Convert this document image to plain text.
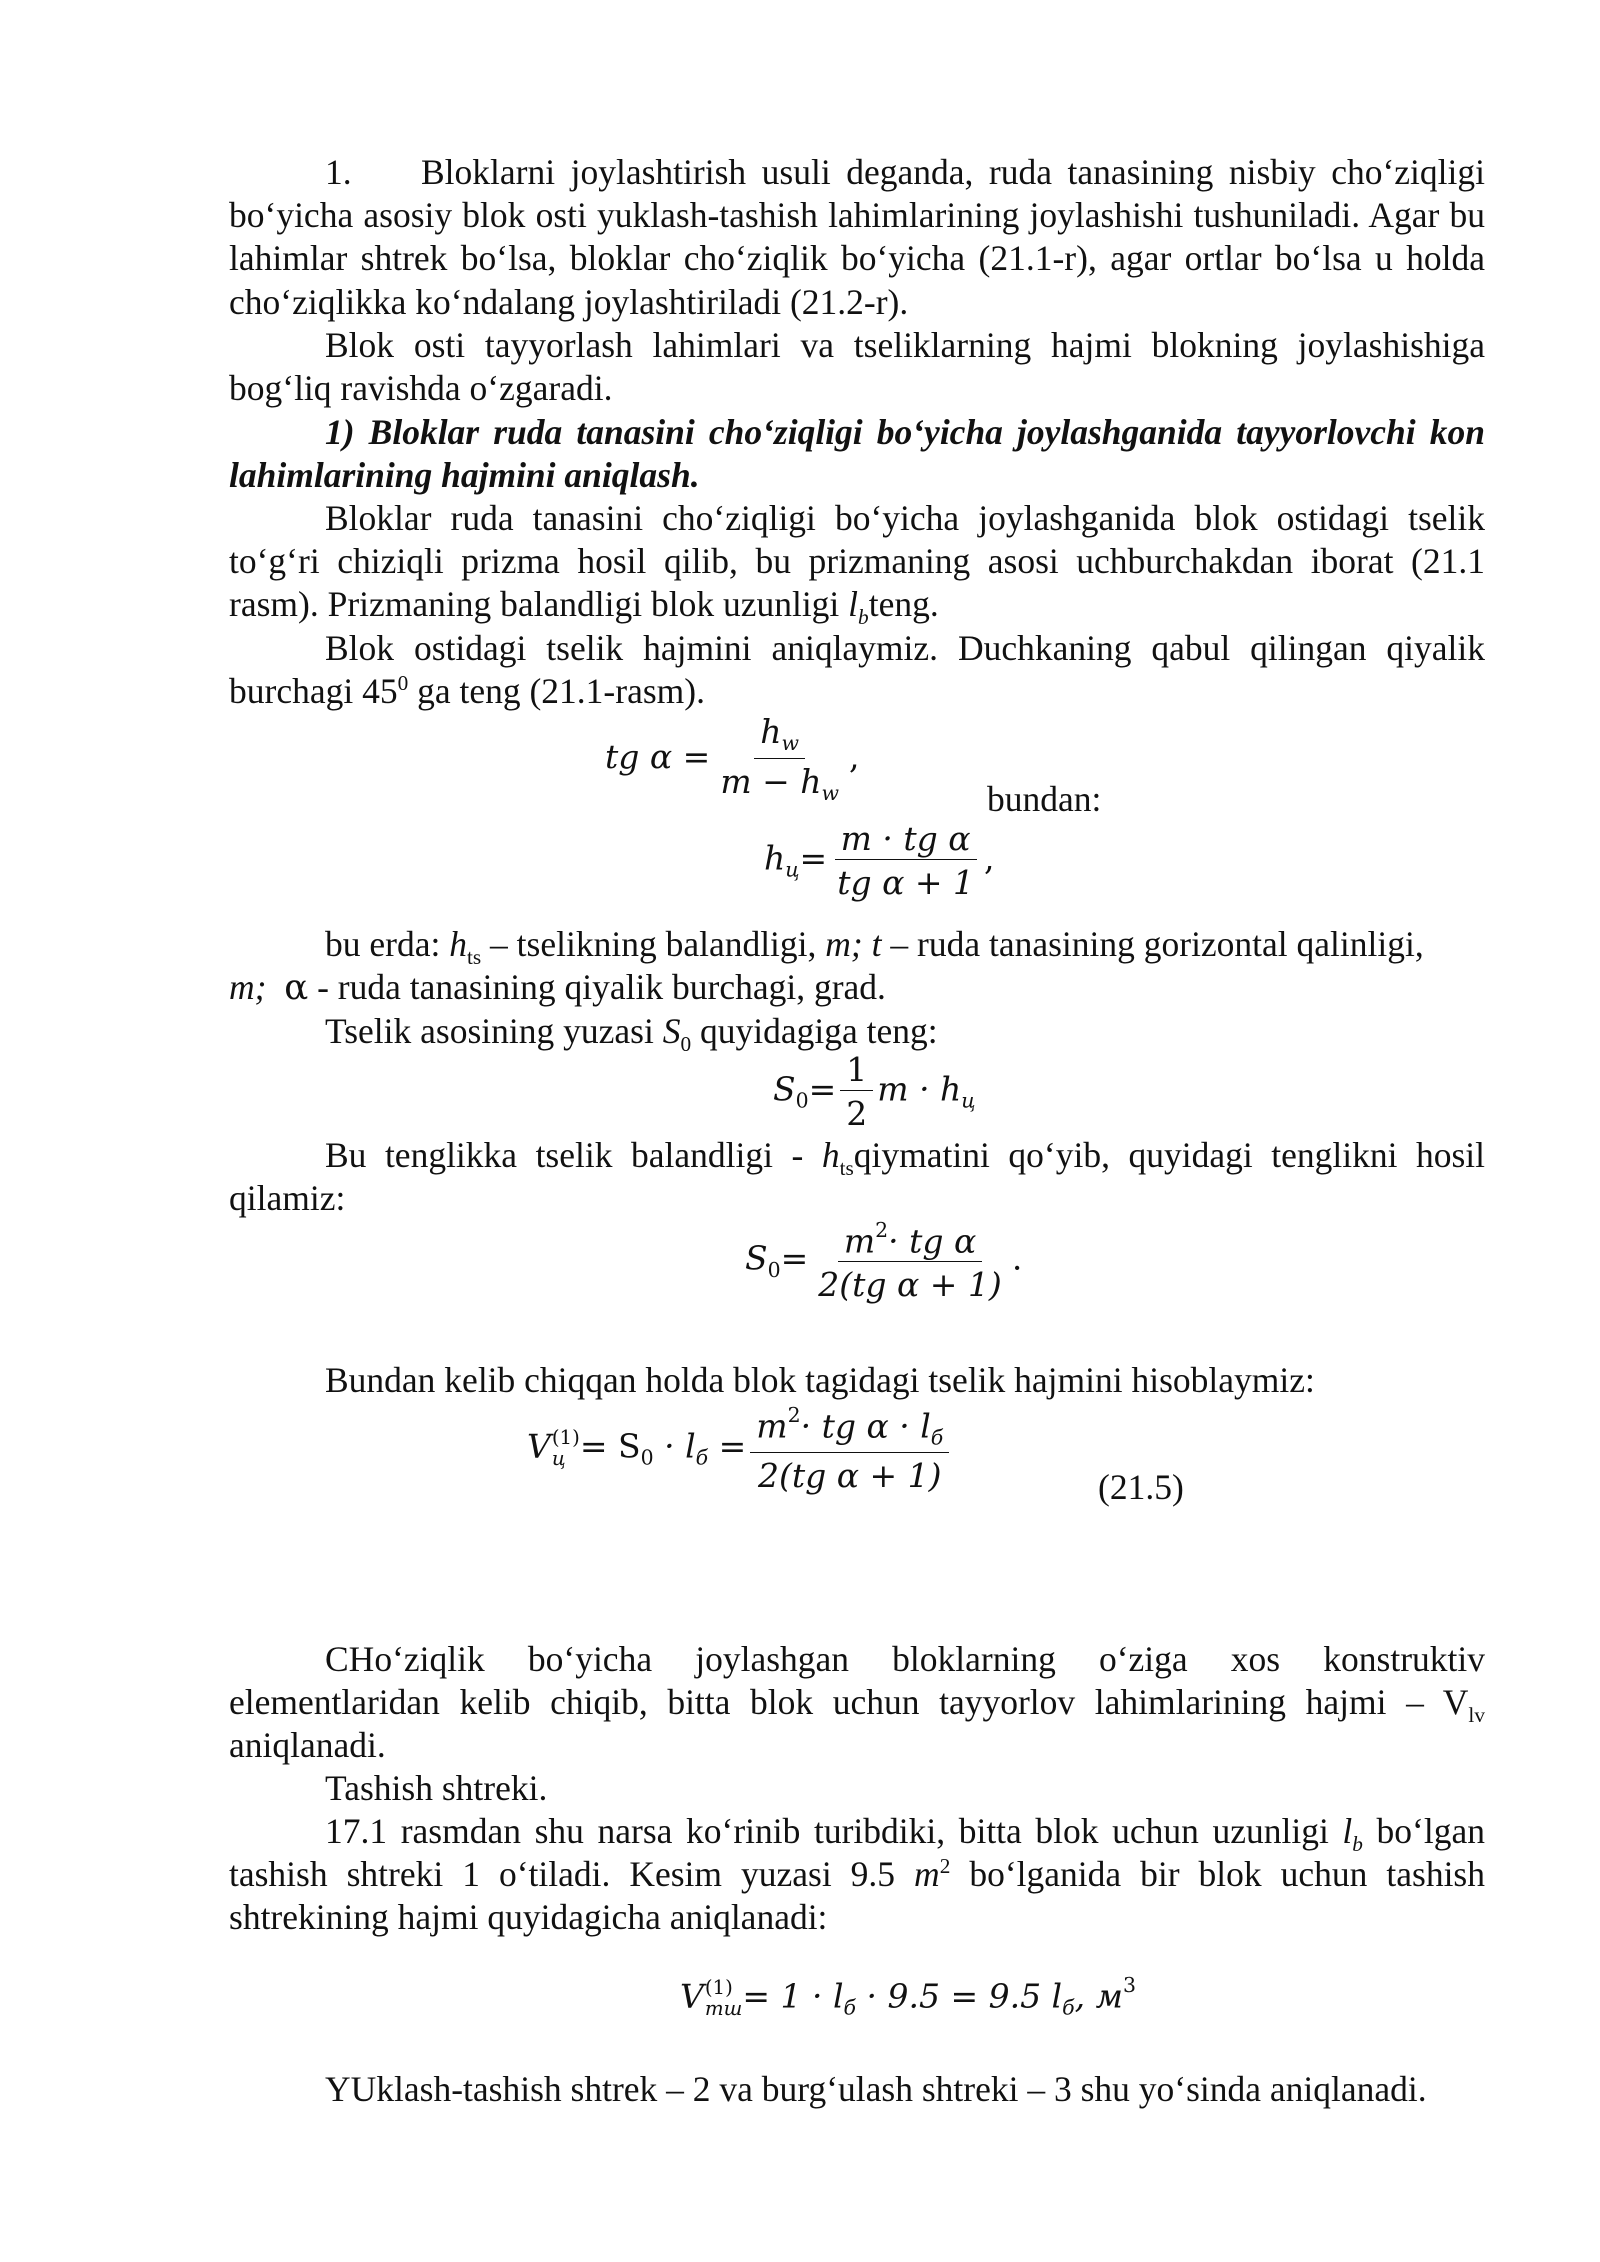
1. Bloklarni joylashtirish usuli deganda, ruda tanasining nisbiy cho‘ziqligi
bo‘yicha asosiy blok osti yuklash-tashish lahimlarining joylashishi tushuniladi. Agar bu lahimlar shtrek bo‘lsa, bloklar cho‘ziqlik bo‘yicha (21.1-r), agar ortlar bo‘lsa u holda cho‘ziqlikka ko‘ndalang joylashtiriladi (21.2-r).

Blok osti tayyorlash lahimlari va tseliklarning hajmi blokning joylashishiga bog‘liq ravishda o‘zgaradi.

1) Bloklar ruda tanasini cho‘ziqligi bo‘yicha joylashganida tayyorlovchi kon lahimlarining hajmini aniqlash.

Bloklar ruda tanasini cho‘ziqligi bo‘yicha joylashganida blok ostidagi tselik to‘g‘ri chiziqli prizma hosil qilib, bu prizmaning asosi uchburchakdan iborat (21.1 rasm). Prizmaning balandligi blok uzunligi $l_bteng$.

Blok ostidagi tselik hajmini aniqlaymiz. Duchkaning qabul qilingan qiyalik burchagi $45^0$ ga teng (21.1-rasm).

tg $\alpha = \frac{h_w}{m - h_w}$ ,
bundan:
$h_ц= \frac{\text{m · tg α}}{\text{tg α + 1}}$ ,
bu erda: $h_{ts}$ – tselikning balandligi, m; t – ruda tanasining gorizontal qalinligi,
m; α - ruda tanasining qiyalik burchagi, grad.
Tselik asosining yuzasi $S_0$ quyidagiga teng:
$S_0= \frac{1}{2}$ $m \cdot h_ц$

Bu tenglikka tselik balandligi - $h_{ts}qiymatini$ qo‘yib, quyidagi tenglikni hosil qilamiz:

$S_0= \frac{m^2\cdot tg \alpha}{\text{2(tg α + 1)}}$ .
Bundan kelib chiqqan holda blok tagidagi tselik hajmini hisoblaymiz:
V (1)
$ц = S_0 \cdot l_б = \frac{m^2\cdot tg \alpha \cdot l_б}{\text{2(tg α + 1)}}$	(21.5)

CHo‘ziqlik bo‘yicha joylashgan bloklarning o‘ziga xos konstruktiv elementlaridan kelib chiqib, bitta blok uchun tayyorlov lahimlarining hajmi – $V_{lv}$ aniqlanadi.

Tashish shtreki.

17.1 rasmdan shu narsa ko‘rinib turibdiki, bitta blok uchun uzunligi $l_b$ bo‘lgan tashish shtreki 1 o‘tiladi. Kesim yuzasi 9.5 $m^2$ bo‘lganida bir blok uchun tashish shtrekining hajmi quyidagicha aniqlanadi:

V (1)
тш = $1 \cdot l_б \cdot 9.5 = 9.5$ $l_б$, $м^3$
YUklash-tashish shtrek – 2 va burg‘ulash shtreki – 3 shu yo‘sinda aniqlanadi.
